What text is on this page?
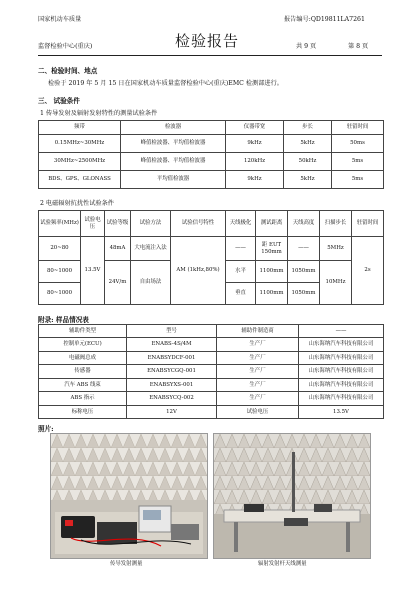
国家机动车质量
监督检验中心(重庆)	检验报告
报告编号:QD19811LA7261
共 9 页	第 8 页
二、检验时间、地点
检验于 2019 年 5 月 15 日在国家机动车质量监督检验中心(重庆)EMC 检测部进行。
三、 试验条件
1 传导发射及辐射发射特性的测量试验条件
频带	检波器	仪器带宽	步长	驻留时间
0.15MHz~30MHz	峰值检波器、平均值检波器	9kHz	5kHz	50ms
30MHz~2500MHz	峰值检波器、平均值检波器	120kHz	50kHz	5ms
BDS、GPS、GLONASS	平均值检波器	9kHz	5kHz	5ms
2 电磁辐射抗扰性试验条件
试验频率(MHz)	试验电压	试验等级	试验方法	试验信号特性	天线极化	测试距离	天线高度	扫描步长	驻留时间
20~80	13.5V	48mA	大电流注入法	AM (1kHz,80%)	——	距 EUT 150mm	——	5MHz	2s
80~1000		24V/m	自由场法		水平	1100mm	1050mm	10MHz	
80~1000					垂直	1100mm	1050mm		
附录: 样品情况表
辅助件类型	型号	辅助件制造商	——
控制单元(ECU)	ENABS-4S/4M	生产厂	山东海纳汽车科技有限公司
电磁阀总成	ENABSYDCF-001	生产厂	山东海纳汽车科技有限公司
传感器	ENABSYCGQ-001	生产厂	山东海纳汽车科技有限公司
汽车 ABS 线束	ENABSYXS-001	生产厂	山东海纳汽车科技有限公司
ABS 指示	ENABSYCQ-002	生产厂	山东海纳汽车科技有限公司
标称电压	12V	试验电压	13.5V
照片:
传导发射测量	辐射发射杆天线测量
